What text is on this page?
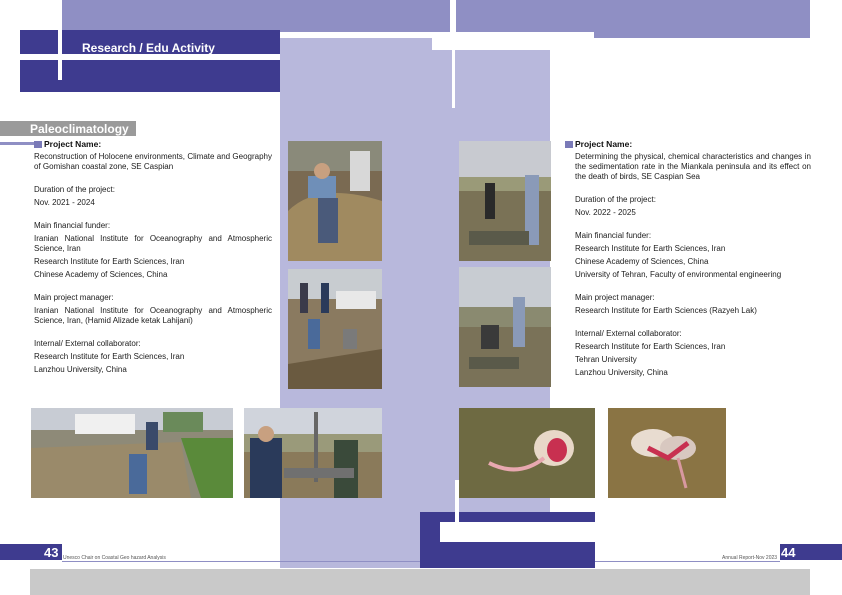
Research / Edu Activity
Paleoclimatology
Project Name:
Reconstruction of Holocene environments, Climate and Geography of Gomishan coastal zone, SE Caspian
Duration of the project:
Nov. 2021 - 2024
Main financial funder:
Iranian National Institute for Oceanography and Atmospheric Science, Iran
Research Institute for Earth Sciences, Iran
Chinese Academy of Sciences, China
Main project manager:
Iranian National Institute for Oceanography and Atmospheric Science, Iran, (Hamid Alizade ketak Lahijani)
Internal/ External collaborator:
Research Institute for Earth Sciences, Iran
Lanzhou University, China
Project Name:
Determining the physical, chemical characteristics and changes in the sedimentation rate in the Miankala peninsula and its effect on the death of birds, SE Caspian Sea
Duration of the project:
Nov. 2022 - 2025
Main financial funder:
Research Institute for Earth Sciences, Iran
Chinese Academy of Sciences, China
University of Tehran, Faculty of environmental engineering
Main project manager:
Research Institute for Earth Sciences (Razyeh Lak)
Internal/ External collaborator:
Research Institute for Earth Sciences, Iran
Tehran University
Lanzhou University, China
43 Unesco Chair on Coastal Geo hazard Analysis	44
Annual Report-Nov 2023
